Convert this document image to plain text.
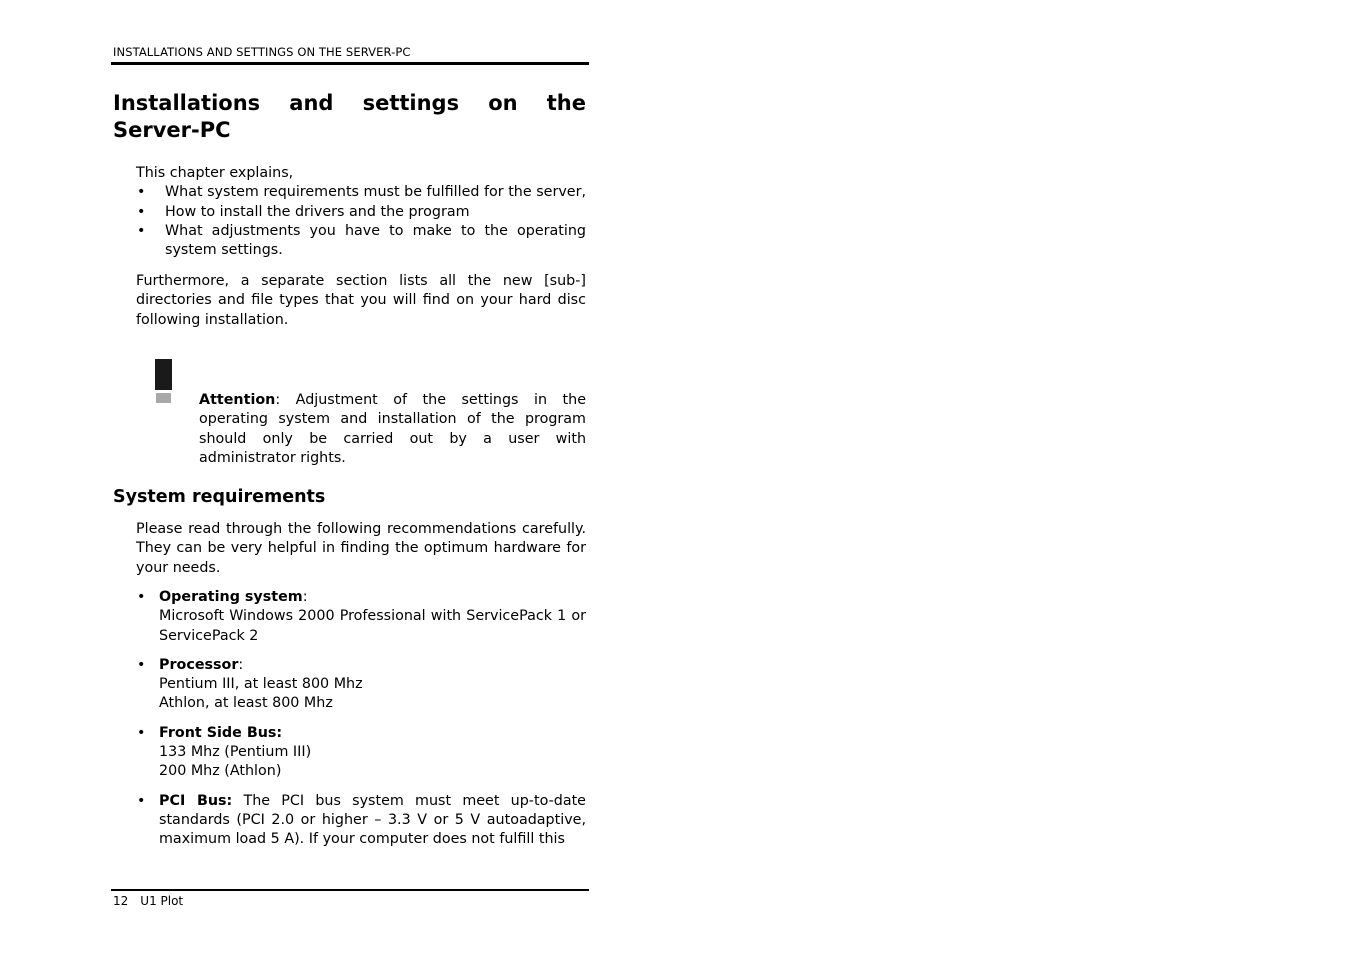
INSTALLATIONS AND SETTINGS ON THE SERVER-PC
Installations and settings on the Server-PC
This chapter explains,
• What system requirements must be fulfilled for the server,
• How to install the drivers and the program
• What adjustments you have to make to the operating system settings.
Furthermore, a separate section lists all the new [sub-] directories and file types that you will find on your hard disc following installation.
Attention: Adjustment of the settings in the operating system and installation of the program should only be carried out by a user with administrator rights.
System requirements
Please read through the following recommendations carefully. They can be very helpful in finding the optimum hardware for your needs.
• Operating system:
Microsoft Windows 2000 Professional with ServicePack 1 or ServicePack 2
• Processor:
Pentium III, at least 800 Mhz
Athlon, at least 800 Mhz
• Front Side Bus:
133 Mhz (Pentium III)
200 Mhz (Athlon)
• PCI Bus: The PCI bus system must meet up-to-date standards (PCI 2.0 or higher – 3.3 V or 5 V autoadaptive, maximum load 5 A). If your computer does not fulfill this
12 U1 Plot
